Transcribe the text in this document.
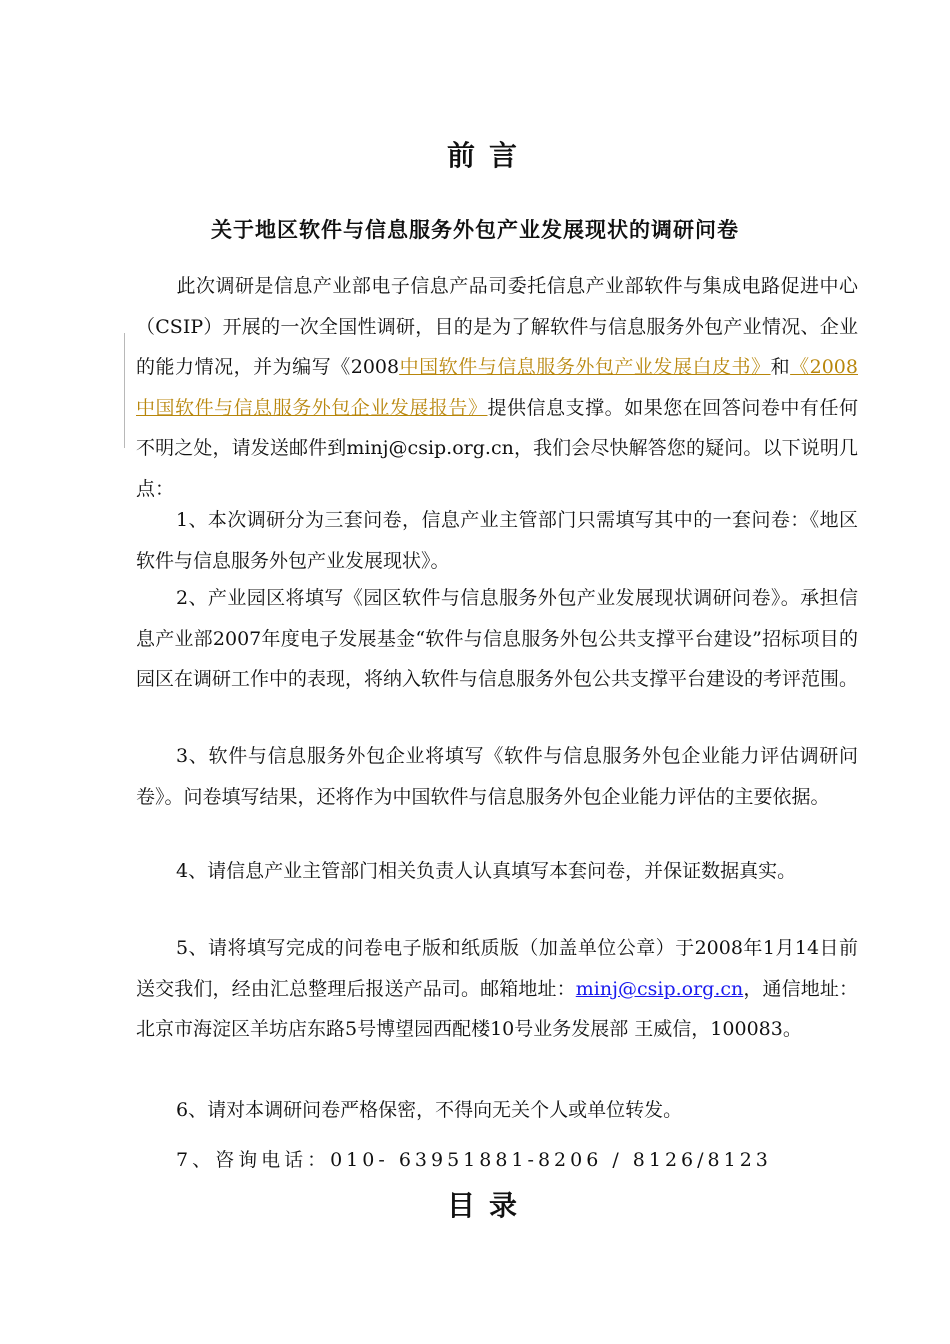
前言
关于地区软件与信息服务外包产业发展现状的调研问卷

此次调研是信息产业部电子信息产品司委托信息产业部软件与集成电路促进中心（CSIP）开展的一次全国性调研，目的是为了解软件与信息服务外包产业情况、企业的能力情况，并为编写《2008中国软件与信息服务外包产业发展白皮书》和《2008中国软件与信息服务外包企业发展报告》提供信息支撑。如果您在回答问卷中有任何不明之处，请发送邮件到minj@csip.org.cn，我们会尽快解答您的疑问。以下说明几点：

1、本次调研分为三套问卷，信息产业主管部门只需填写其中的一套问卷：《地区软件与信息服务外包产业发展现状》。

2、产业园区将填写《园区软件与信息服务外包产业发展现状调研问卷》。承担信息产业部2007年度电子发展基金“软件与信息服务外包公共支撑平台建设”招标项目的园区在调研工作中的表现，将纳入软件与信息服务外包公共支撑平台建设的考评范围。

3、软件与信息服务外包企业将填写《软件与信息服务外包企业能力评估调研问卷》。问卷填写结果，还将作为中国软件与信息服务外包企业能力评估的主要依据。

4、请信息产业主管部门相关负责人认真填写本套问卷，并保证数据真实。

5、请将填写完成的问卷电子版和纸质版（加盖单位公章）于2008年1月14日前送交我们，经由汇总整理后报送产品司。邮箱地址：minj@csip.org.cn，通信地址：北京市海淀区羊坊店东路5号博望园西配楼10号业务发展部 王威信，100083。

6、请对本调研问卷严格保密，不得向无关个人或单位转发。

7、咨询电话：010- 63951881-8206 / 8126/8123

目录
